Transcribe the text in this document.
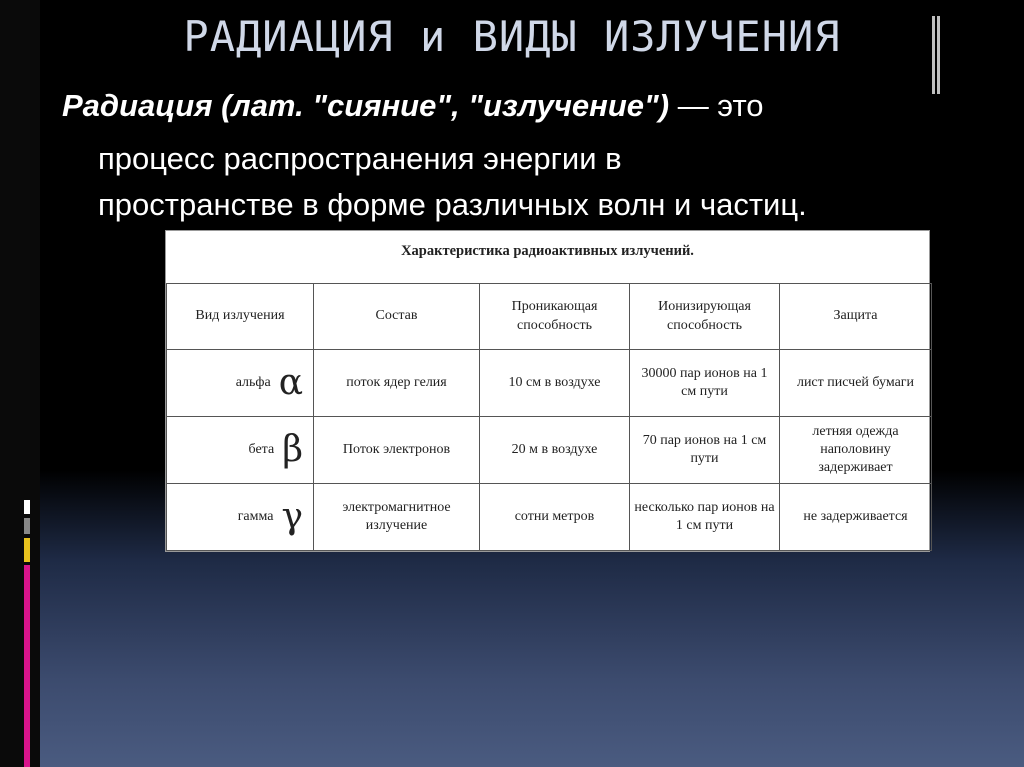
РАДИАЦИЯ и ВИДЫ ИЗЛУЧЕНИЯ
Радиация (лат. "сияние", "излучение") — это
процесс распространения энергии в
пространстве в форме различных волн и частиц.
Характеристика радиоактивных излучений.
Вид излучения	Состав	Проникающая способность	Ионизирующая способность	Защита
альфа α	поток ядер гелия	10 см в воздухе	30000 пар ионов на 1 см пути	лист писчей бумаги
бета β	Поток электронов	20 м в воздухе	70 пар ионов на 1 см пути	летняя одежда наполовину задерживает
гамма γ	электромагнитное излучение	сотни метров	несколько пар ионов на 1 см пути	не задерживается
